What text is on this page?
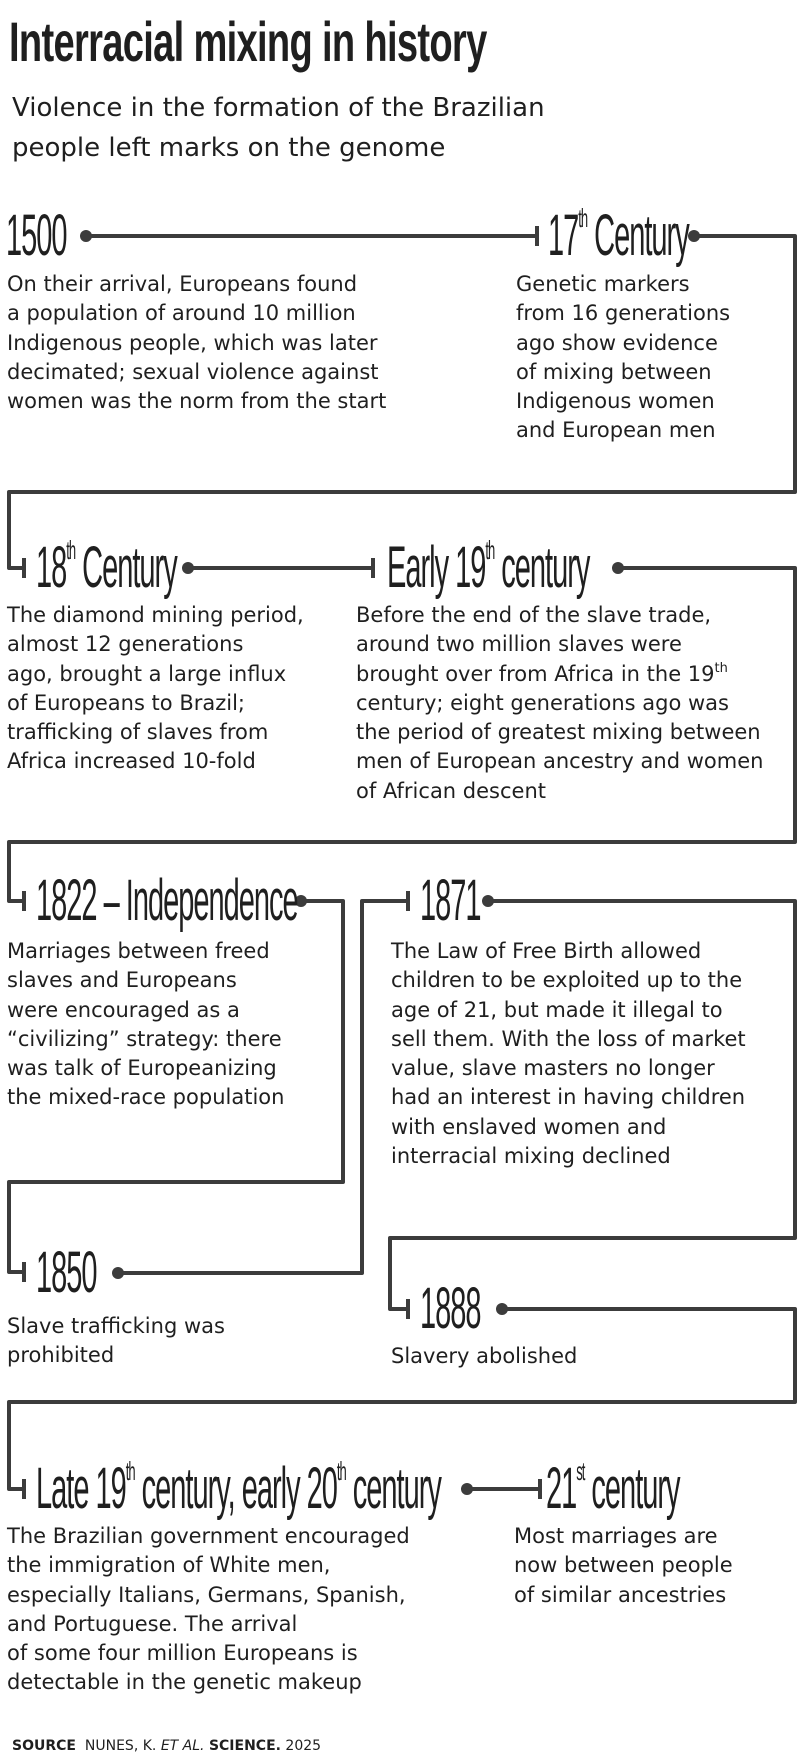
Interracial mixing in history
Violence in the formation of the Brazilian people left marks on the genome
1500

On their arrival, Europeans found
a population of around 10 million
Indigenous people, which was later
decimated; sexual violence against
women was the norm from the start

17th Century

Genetic markers
from 16 generations
ago show evidence
of mixing between
Indigenous women
and European men

18th Century

The diamond mining period,
almost 12 generations
ago, brought a large influx
of Europeans to Brazil;
trafficking of slaves from
Africa increased 10-fold

Early 19th century

Before the end of the slave trade, around two million slaves were brought over from Africa in the 19th century; eight generations ago was the period of greatest mixing between men of European ancestry and women of African descent

1822 – Independence

Marriages between freed
slaves and Europeans
were encouraged as a
“civilizing” strategy: there
was talk of Europeanizing
the mixed-race population

1871

The Law of Free Birth allowed
children to be exploited up to the
age of 21, but made it illegal to
sell them. With the loss of market
value, slave masters no longer
had an interest in having children
with enslaved women and
interracial mixing declined

1850

Slave trafficking was
prohibited

1888

Slavery abolished

Late 19th century, early 20th century

The Brazilian government encouraged
the immigration of White men,
especially Italians, Germans, Spanish,
and Portuguese. The arrival
of some four million Europeans is
detectable in the genetic makeup

21st century

Most marriages are
now between people
of similar ancestries

SOURCE NUNES, K. ET AL. SCIENCE. 2025
